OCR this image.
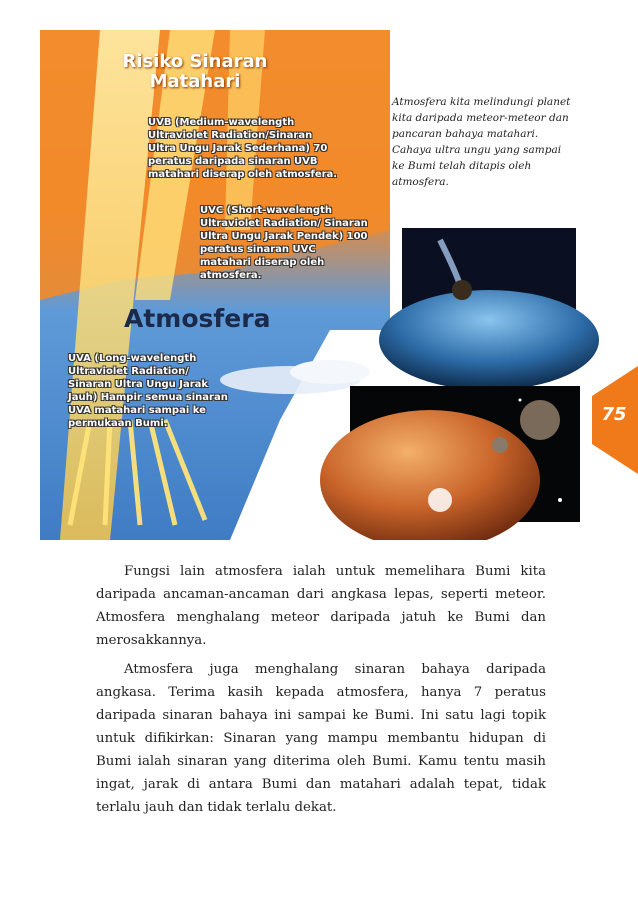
Risiko Sinaran
Matahari
UVB (Medium-wavelength Ultraviolet Radiation/Sinaran Ultra Ungu Jarak Sederhana) 70 peratus daripada sinaran UVB matahari diserap oleh atmosfera.
UVC (Short-wavelength Ultraviolet Radiation/ Sinaran Ultra Ungu Jarak Pendek) 100 peratus sinaran UVC matahari diserap oleh atmosfera.
Atmosfera
UVA (Long-wavelength Ultraviolet Radiation/ Sinaran Ultra Ungu Jarak Jauh) Hampir semua sinaran UVA matahari sampai ke permukaan Bumi.
Atmosfera kita melindungi planet kita daripada meteor-meteor dan pancaran bahaya matahari. Cahaya ultra ungu yang sampai ke Bumi telah ditapis oleh atmosfera.
75

Fungsi lain atmosfera ialah untuk memelihara Bumi kita daripada ancaman-ancaman dari angkasa lepas, seperti meteor. Atmosfera menghalang meteor daripada jatuh ke Bumi dan merosakkannya.

Atmosfera juga menghalang sinaran bahaya daripada angkasa. Terima kasih kepada atmosfera, hanya 7 peratus daripada sinaran bahaya ini sampai ke Bumi. Ini satu lagi topik untuk difikirkan: Sinaran yang mampu membantu hidupan di Bumi ialah sinaran yang diterima oleh Bumi. Kamu tentu masih ingat, jarak di antara Bumi dan matahari adalah tepat, tidak terlalu jauh dan tidak terlalu dekat.
